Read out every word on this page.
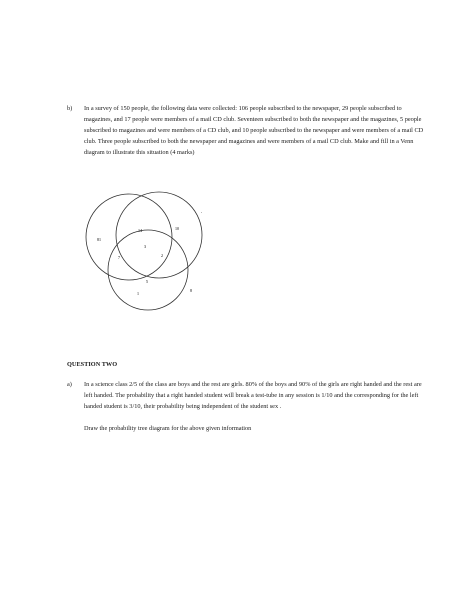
b) In a survey of 150 people, the following data were collected: 106 people subscribed to the newspaper, 29 people subscribed to magazines, and 17 people were members of a mail CD club. Seventeen subscribed to both the newspaper and the magazines, 5 people subscribed to magazines and were members of a CD club, and 10 people subscribed to the newspaper and were members of a mail CD club. Three people subscribed to both the newspaper and magazines and were members of a mail CD club. Make and fill in a Venn diagram to illustrate this situation (4 marks)

81
10
14
7
3
2
5
1
8
.
QUESTION TWO
a) In a science class 2/5 of the class are boys and the rest are girls. 80% of the boys and 90% of the girls are right handed and the rest are left handed. The probability that a right handed student will break a test-tube in any session is 1/10 and the corresponding for the left handed student is 3/10, their probability being independent of the student sex .

Draw the probability tree diagram for the above given information
